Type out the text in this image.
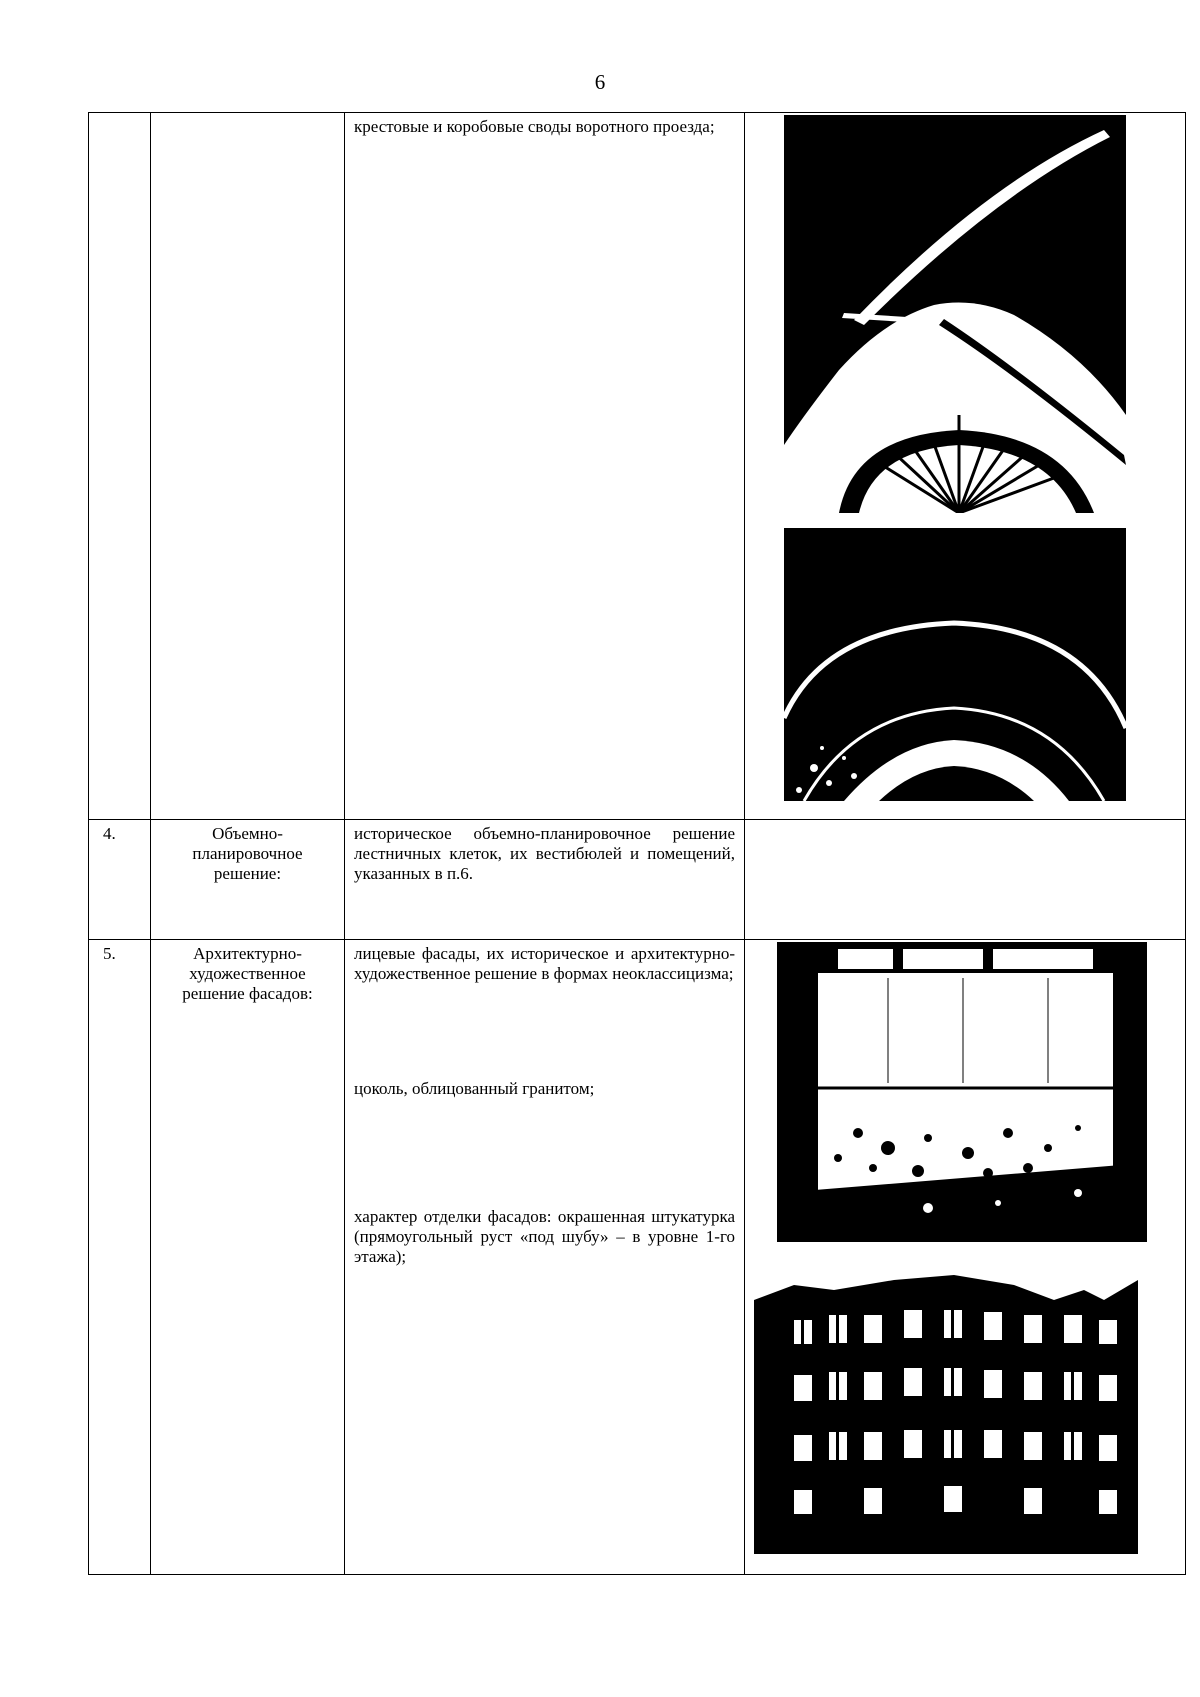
6

		крестовые и коробовые своды воротного проезда;

4.	Объемно-планировочное решение:	историческое объемно-планировочное решение лестничных клеток, их вестибюлей и помещений, указанных в п.6.	

5.	Архитектурно-художественное решение фасадов:	лицевые фасады, их историческое и архитектурно-художественное решение в формах неоклассицизма;

цоколь, облицованный гранитом;

характер отделки фасадов: окрашенная штукатурка (прямоугольный руст «под шубу» – в уровне 1-го этажа);
